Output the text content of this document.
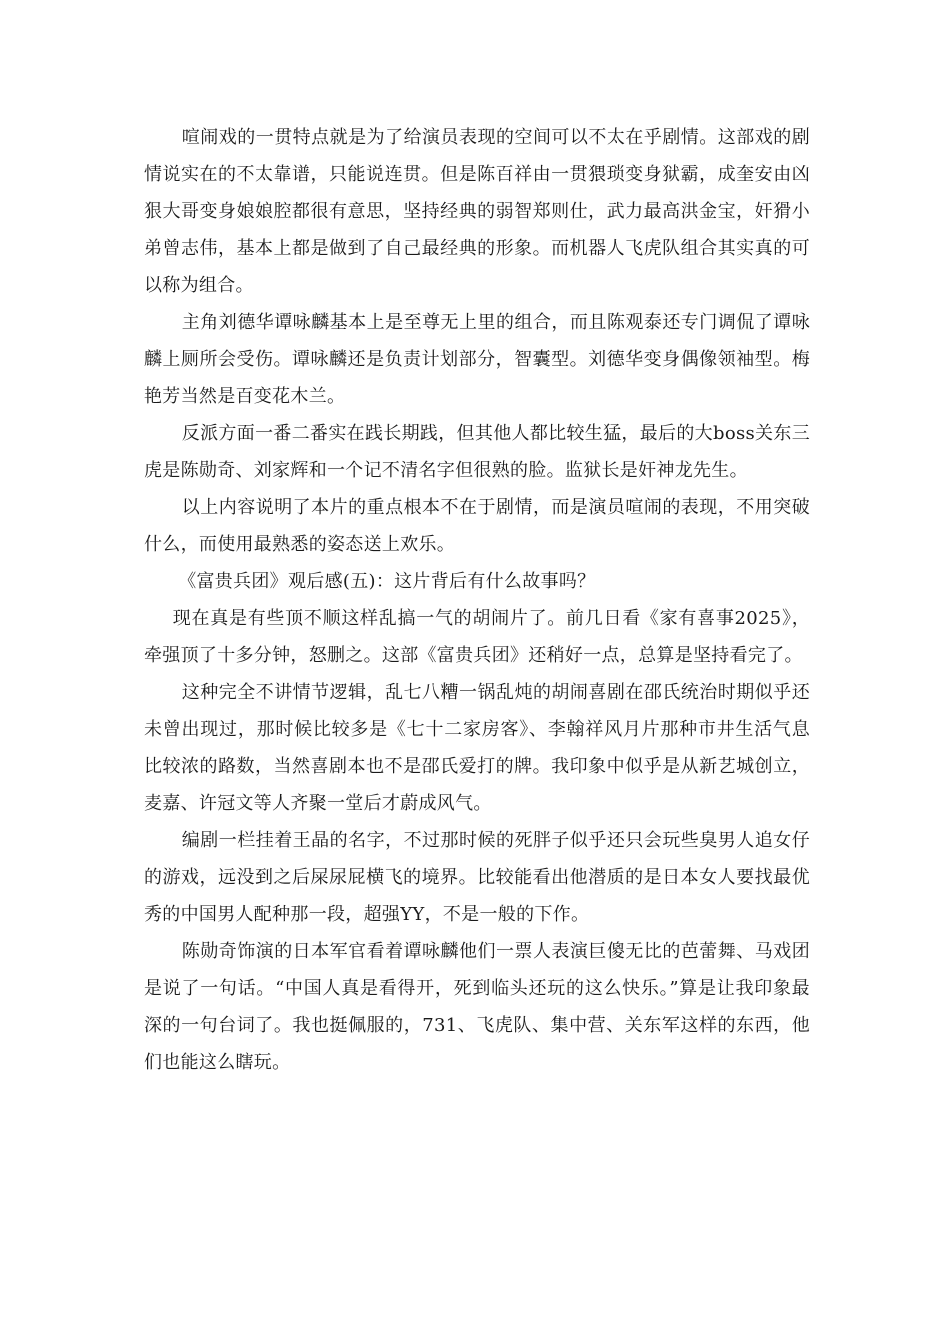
喧闹戏的一贯特点就是为了给演员表现的空间可以不太在乎剧情。这部戏的剧情说实在的不太靠谱，只能说连贯。但是陈百祥由一贯猥琐变身狱霸，成奎安由凶狠大哥变身娘娘腔都很有意思，坚持经典的弱智郑则仕，武力最高洪金宝，奸猾小弟曾志伟，基本上都是做到了自己最经典的形象。而机器人飞虎队组合其实真的可以称为组合。

主角刘德华谭咏麟基本上是至尊无上里的组合，而且陈观泰还专门调侃了谭咏麟上厕所会受伤。谭咏麟还是负责计划部分，智囊型。刘德华变身偶像领袖型。梅艳芳当然是百变花木兰。

反派方面一番二番实在践长期践，但其他人都比较生猛，最后的大boss关东三虎是陈勋奇、刘家辉和一个记不清名字但很熟的脸。监狱长是奸神龙先生。

以上内容说明了本片的重点根本不在于剧情，而是演员喧闹的表现，不用突破什么，而使用最熟悉的姿态送上欢乐。

《富贵兵团》观后感(五)：这片背后有什么故事吗？

现在真是有些顶不顺这样乱搞一气的胡闹片了。前几日看《家有喜事2025》，牵强顶了十多分钟，怒删之。这部《富贵兵团》还稍好一点，总算是坚持看完了。

这种完全不讲情节逻辑，乱七八糟一锅乱炖的胡闹喜剧在邵氏统治时期似乎还未曾出现过，那时候比较多是《七十二家房客》、李翰祥风月片那种市井生活气息比较浓的路数，当然喜剧本也不是邵氏爱打的牌。我印象中似乎是从新艺城创立，麦嘉、许冠文等人齐聚一堂后才蔚成风气。

编剧一栏挂着王晶的名字，不过那时候的死胖子似乎还只会玩些臭男人追女仔的游戏，远没到之后屎尿屁横飞的境界。比较能看出他潜质的是日本女人要找最优秀的中国男人配种那一段，超强YY，不是一般的下作。

陈勋奇饰演的日本军官看着谭咏麟他们一票人表演巨傻无比的芭蕾舞、马戏团是说了一句话。“中国人真是看得开，死到临头还玩的这么快乐。”算是让我印象最深的一句台词了。我也挺佩服的，731、飞虎队、集中营、关东军这样的东西，他们也能这么瞎玩。
